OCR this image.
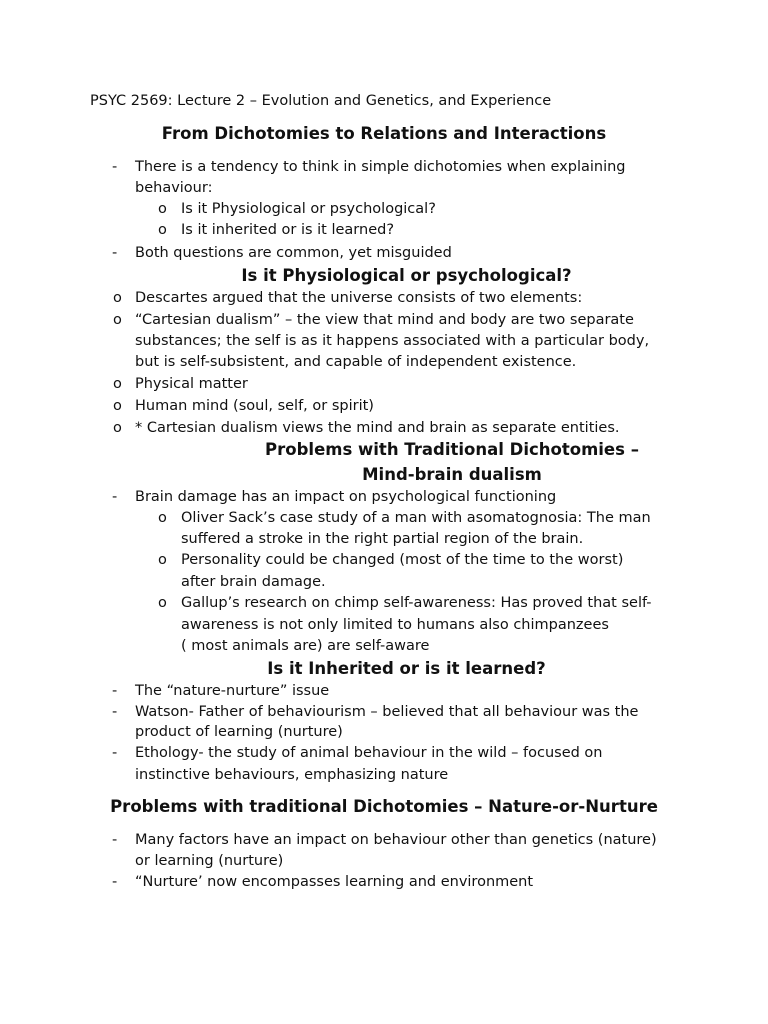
PSYC 2569: Lecture 2 – Evolution and Genetics, and Experience
From Dichotomies to Relations and Interactions
- There is a tendency to think in simple dichotomies when explaining
behaviour:
o Is it Physiological or psychological?
o Is it inherited or is it learned?
- Both questions are common, yet misguided
Is it Physiological or psychological?
o Descartes argued that the universe consists of two elements:
o “Cartesian dualism” – the view that mind and body are two separate
substances; the self is as it happens associated with a particular body,
but is self-subsistent, and capable of independent existence.
o Physical matter
o Human mind (soul, self, or spirit)
o * Cartesian dualism views the mind and brain as separate entities.
Problems with Traditional Dichotomies –
Mind-brain dualism
- Brain damage has an impact on psychological functioning
o Oliver Sack’s case study of a man with asomatognosia: The man
suffered a stroke in the right partial region of the brain.
o Personality could be changed (most of the time to the worst)
after brain damage.
o Gallup’s research on chimp self-awareness: Has proved that self-
awareness is not only limited to humans also chimpanzees
( most animals are) are self-aware
Is it Inherited or is it learned?
- The “nature-nurture” issue
- Watson- Father of behaviourism – believed that all behaviour was the
product of learning (nurture)
- Ethology- the study of animal behaviour in the wild – focused on
instinctive behaviours, emphasizing nature
Problems with traditional Dichotomies – Nature-or-Nurture
- Many factors have an impact on behaviour other than genetics (nature)
or learning (nurture)
- “Nurture’ now encompasses learning and environment
